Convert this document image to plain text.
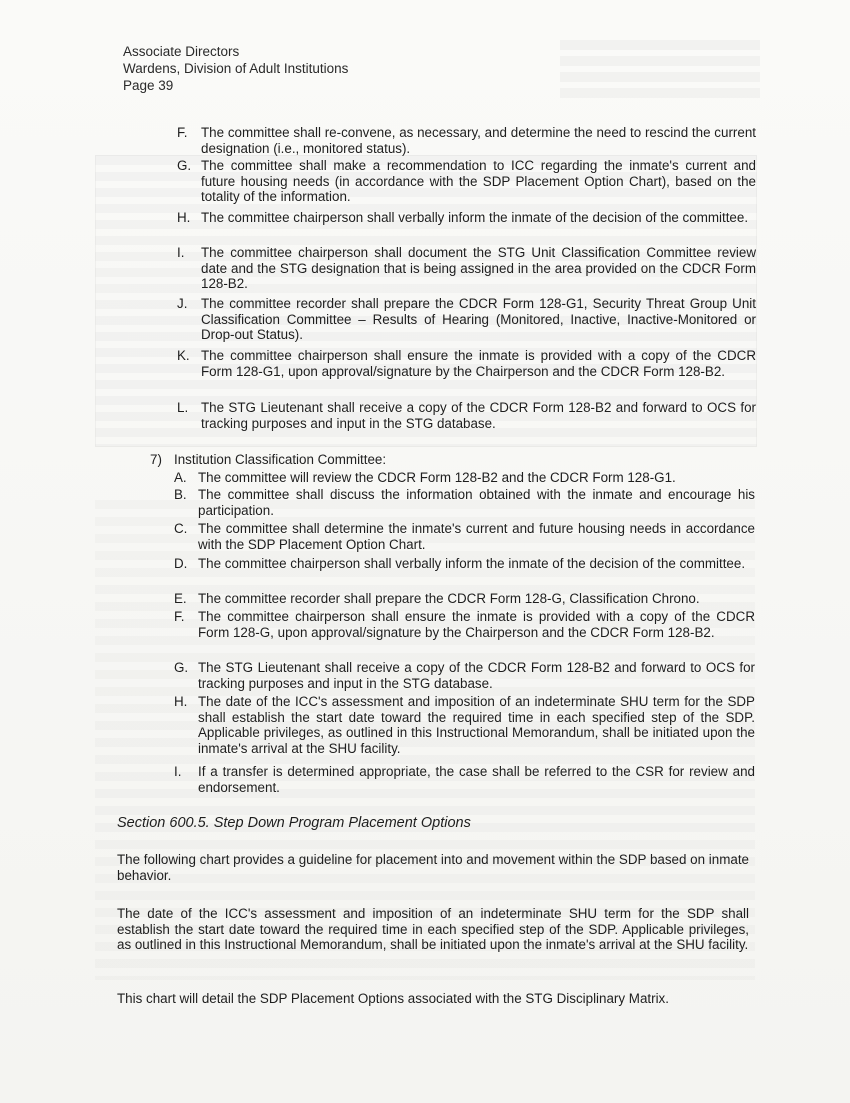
Associate Directors
Wardens, Division of Adult Institutions
Page 39
F. The committee shall re-convene, as necessary, and determine the need to rescind the current designation (i.e., monitored status).
G. The committee shall make a recommendation to ICC regarding the inmate's current and future housing needs (in accordance with the SDP Placement Option Chart), based on the totality of the information.
H. The committee chairperson shall verbally inform the inmate of the decision of the committee.
I. The committee chairperson shall document the STG Unit Classification Committee review date and the STG designation that is being assigned in the area provided on the CDCR Form 128-B2.
J. The committee recorder shall prepare the CDCR Form 128-G1, Security Threat Group Unit Classification Committee – Results of Hearing (Monitored, Inactive, Inactive-Monitored or Drop-out Status).
K. The committee chairperson shall ensure the inmate is provided with a copy of the CDCR Form 128-G1, upon approval/signature by the Chairperson and the CDCR Form 128-B2.
L. The STG Lieutenant shall receive a copy of the CDCR Form 128-B2 and forward to OCS for tracking purposes and input in the STG database.
7) Institution Classification Committee:
A. The committee will review the CDCR Form 128-B2 and the CDCR Form 128-G1.
B. The committee shall discuss the information obtained with the inmate and encourage his participation.
C. The committee shall determine the inmate's current and future housing needs in accordance with the SDP Placement Option Chart.
D. The committee chairperson shall verbally inform the inmate of the decision of the committee.
E. The committee recorder shall prepare the CDCR Form 128-G, Classification Chrono.
F. The committee chairperson shall ensure the inmate is provided with a copy of the CDCR Form 128-G, upon approval/signature by the Chairperson and the CDCR Form 128-B2.
G. The STG Lieutenant shall receive a copy of the CDCR Form 128-B2 and forward to OCS for tracking purposes and input in the STG database.
H. The date of the ICC's assessment and imposition of an indeterminate SHU term for the SDP shall establish the start date toward the required time in each specified step of the SDP. Applicable privileges, as outlined in this Instructional Memorandum, shall be initiated upon the inmate's arrival at the SHU facility.
I. If a transfer is determined appropriate, the case shall be referred to the CSR for review and endorsement.
Section 600.5. Step Down Program Placement Options
The following chart provides a guideline for placement into and movement within the SDP based on inmate behavior.
The date of the ICC's assessment and imposition of an indeterminate SHU term for the SDP shall establish the start date toward the required time in each specified step of the SDP. Applicable privileges, as outlined in this Instructional Memorandum, shall be initiated upon the inmate's arrival at the SHU facility.
This chart will detail the SDP Placement Options associated with the STG Disciplinary Matrix.
